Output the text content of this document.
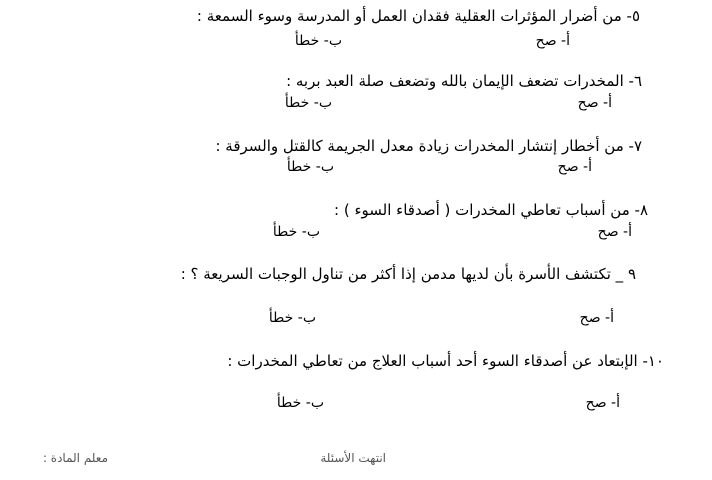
٥- من أضرار المؤثرات العقلية فقدان العمل أو المدرسة وسوء السمعة :
أ- صح
ب- خطأ
٦- المخدرات تضعف الإيمان بالله وتضعف صلة العبد بربه :
أ- صح
ب- خطأ
٧- من أخطار إنتشار المخدرات زيادة معدل الجريمة كالقتل والسرقة :
أ- صح
ب- خطأ
٨- من أسباب تعاطي المخدرات ( أصدقاء السوء ) :
أ- صح
ب- خطأ
٩ _ تكتشف الأسرة بأن لديها مدمن إذا أكثر من تناول الوجبات السريعة ؟ :
أ- صح
ب- خطأ
١٠- الإبتعاد عن أصدقاء السوء أحد أسباب العلاج من تعاطي المخدرات :
أ- صح
ب- خطأ
انتهت الأسئلة
معلم المادة :
